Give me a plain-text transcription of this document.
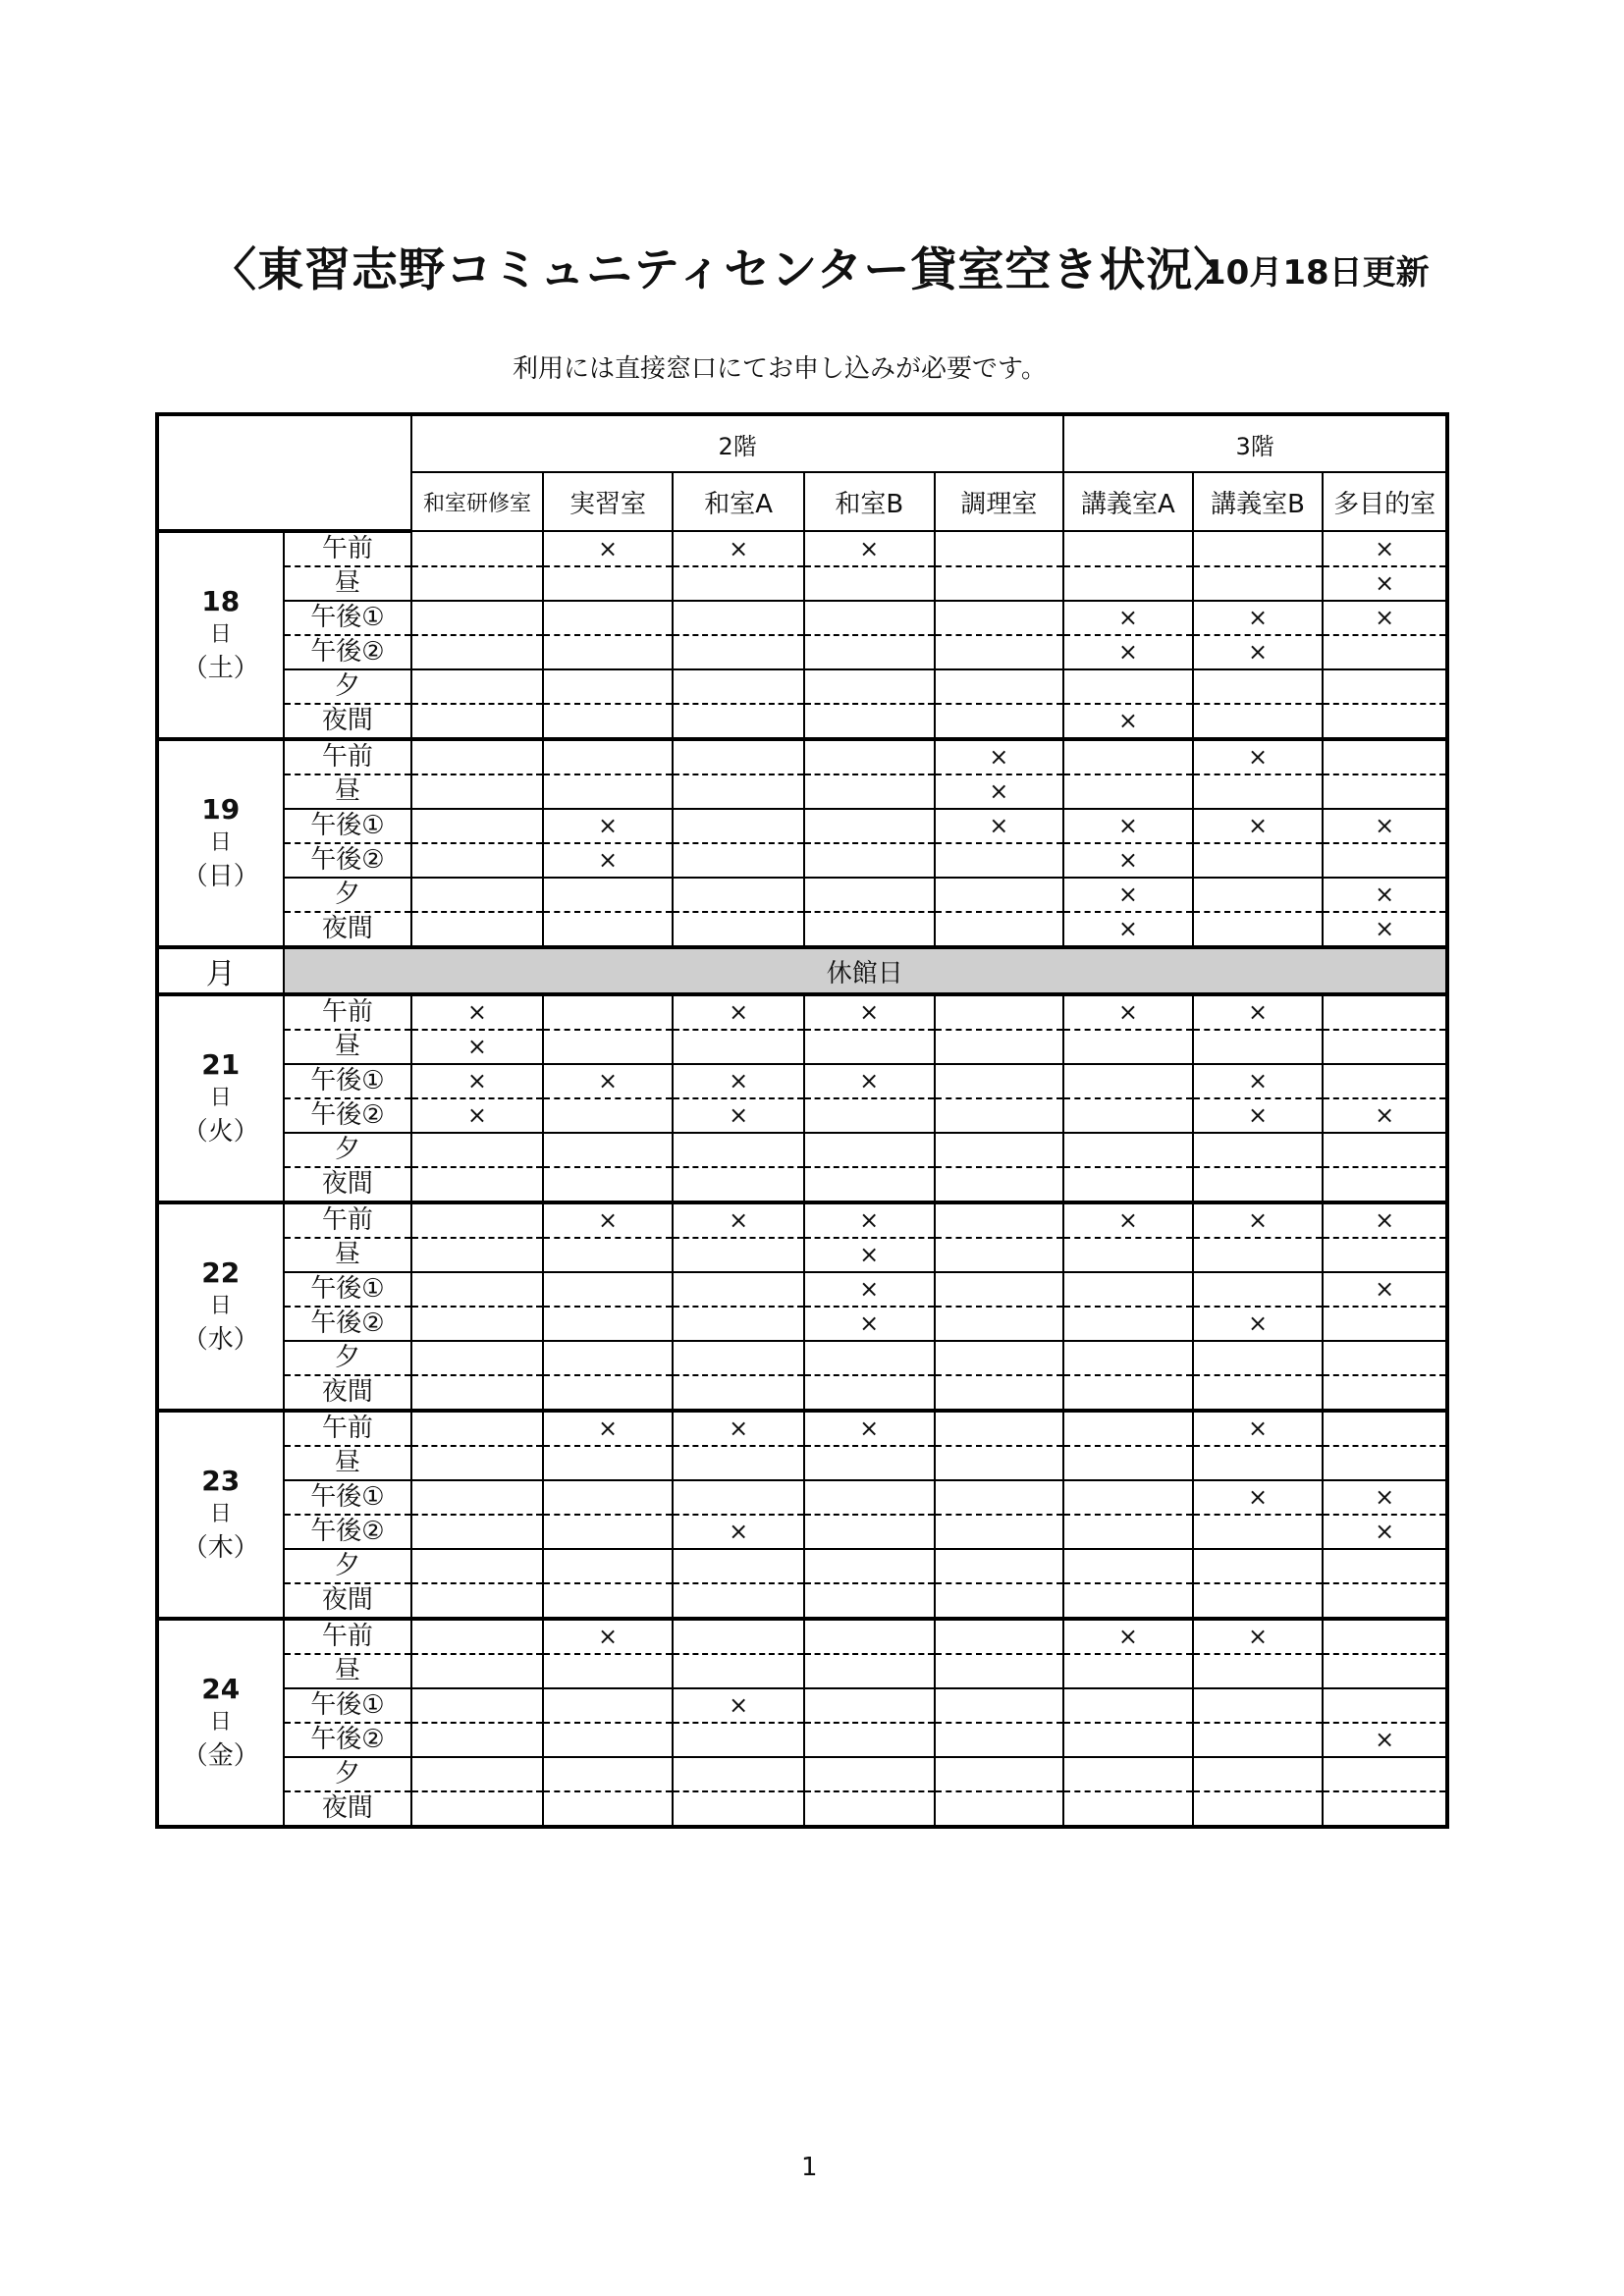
〈東習志野コミュニティセンター貸室空き状況〉
10月18日更新
利用には直接窓口にてお申し込みが必要です。
		2階					3階		
		和室研修室	実習室	和室A	和室B	調理室	講義室A	講義室B	多目的室

18
日
（土）	午前		×	×	×				×
	昼								×
	午後①						×	×	×
	午後②						×	×	
	夕								
	夜間						×		

19
日
（日）	午前					×		×	
	昼					×			
	午後①		×			×	×	×	×
	午後②		×				×		
	夕						×		×
	夜間						×		×
月	休館日								

21
日
（火）	午前	×		×	×		×	×	
	昼	×							
	午後①	×	×	×	×			×	
	午後②	×		×				×	×
	夕								
	夜間								

22
日
（水）	午前		×	×	×		×	×	×
	昼				×				
	午後①				×				×
	午後②				×			×	
	夕								
	夜間								

23
日
（木）	午前		×	×	×			×	
	昼								
	午後①							×	×
	午後②			×					×
	夕								
	夜間								

24
日
（金）	午前		×				×	×	
	昼								
	午後①			×					
	午後②								×
	夕								
	夜間								
1
